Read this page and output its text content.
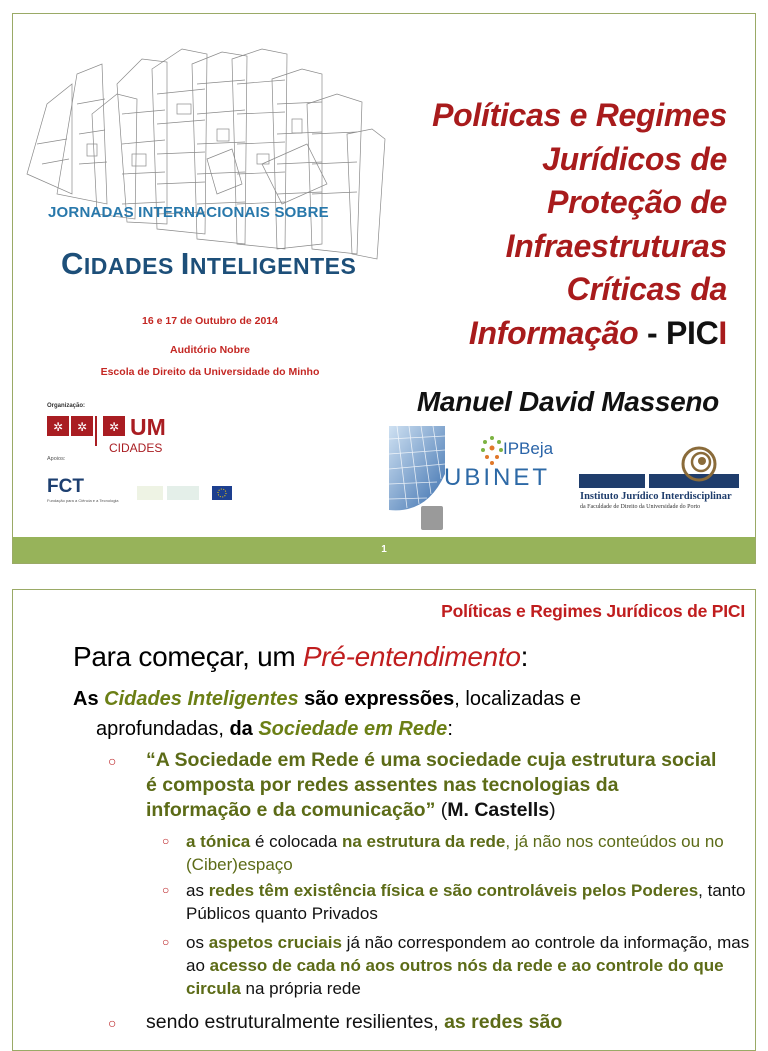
JORNADAS INTERNACIONAIS SOBRE
CIDADES INTELIGENTES
16 e 17 de Outubro de 2014
Auditório Nobre
Escola de Direito da Universidade do Minho
Organização:
✲ ✲ ✲ UM
CIDADES
Apoios:
FCT
Fundação para a Ciência e a Tecnologia
Políticas e Regimes
Jurídicos de
Proteção de
Infraestruturas
Críticas da
Informação - PICI
Manuel David Masseno
IPBeja
UBINET
Instituto Jurídico Interdisciplinar
da Faculdade de Direito da Universidade do Porto
1
Políticas e Regimes Jurídicos de PICI
Para começar, um Pré-entendimento:
As Cidades Inteligentes são expressões, localizadas e
aprofundadas, da Sociedade em Rede:
○ “A Sociedade em Rede é uma sociedade cuja estrutura social é composta por redes assentes nas tecnologias da informação e da comunicação” (M. Castells)
○ a tónica é colocada na estrutura da rede, já não nos conteúdos ou no (Ciber)espaço
○ as redes têm existência física e são controláveis pelos Poderes, tanto Públicos quanto Privados
○ os aspetos cruciais já não correspondem ao controle da informação, mas ao acesso de cada nó aos outros nós da rede e ao controle do que circula na própria rede
○ sendo estruturalmente resilientes, as redes são
